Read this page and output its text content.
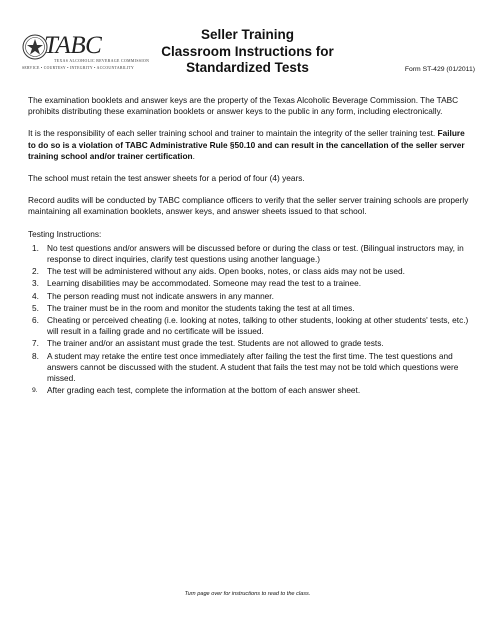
TABC
TEXAS ALCOHOLIC BEVERAGE COMMISSION
SERVICE • COURTESY • INTEGRITY • ACCOUNTABILITY
Seller Training
Classroom Instructions for
Standardized Tests	Form ST-429 (01/2011)

The examination booklets and answer keys are the property of the Texas Alcoholic Beverage Commission. The TABC prohibits distributing these examination booklets or answer keys to the public in any form, including electronically.

It is the responsibility of each seller training school and trainer to maintain the integrity of the seller training test. Failure to do so is a violation of TABC Administrative Rule §50.10 and can result in the cancellation of the seller server training school and/or trainer certification.

The school must retain the test answer sheets for a period of four (4) years.

Record audits will be conducted by TABC compliance officers to verify that the seller server training schools are properly maintaining all examination booklets, answer keys, and answer sheets issued to that school.

Testing Instructions:
1. No test questions and/or answers will be discussed before or during the class or test. (Bilingual instructors may, in response to direct inquiries, clarify test questions using another language.)
2. The test will be administered without any aids. Open books, notes, or class aids may not be used.
3. Learning disabilities may be accommodated. Someone may read the test to a trainee.
4. The person reading must not indicate answers in any manner.
5. The trainer must be in the room and monitor the students taking the test at all times.
6. Cheating or perceived cheating (i.e. looking at notes, talking to other students, looking at other students' tests, etc.) will result in a failing grade and no certificate will be issued.
7. The trainer and/or an assistant must grade the test. Students are not allowed to grade tests.
8. A student may retake the entire test once immediately after failing the test the first time. The test questions and answers cannot be discussed with the student. A student that fails the test may not be told which questions were missed.
9. After grading each test, complete the information at the bottom of each answer sheet.
Turn page over for instructions to read to the class.
